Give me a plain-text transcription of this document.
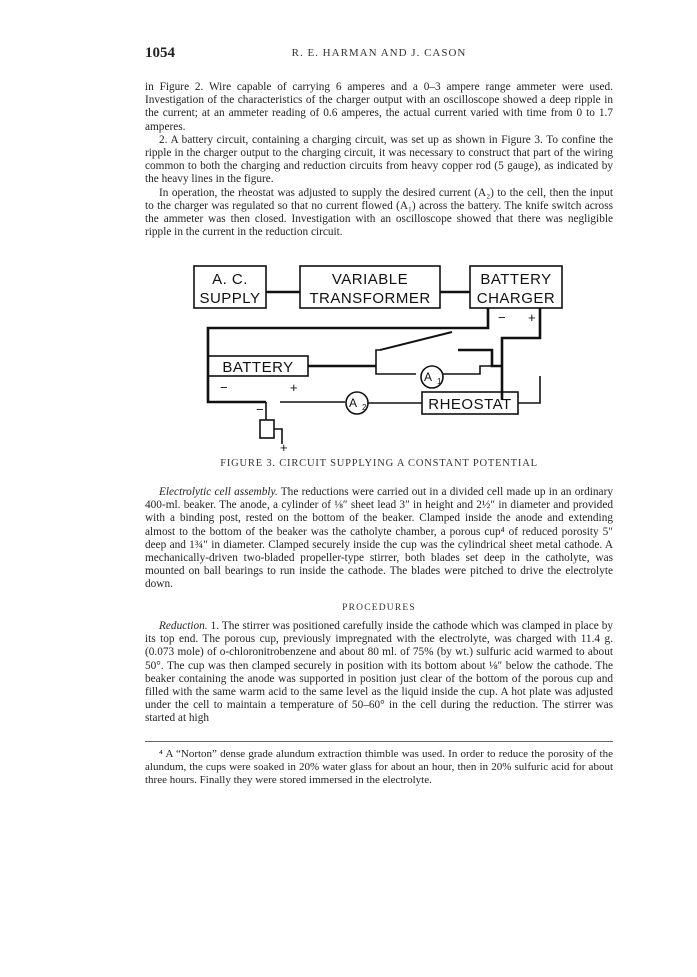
1054	R. E. HARMAN AND J. CASON

in Figure 2. Wire capable of carrying 6 amperes and a 0–3 ampere range ammeter were used. Investigation of the characteristics of the charger output with an oscilloscope showed a deep ripple in the current; at an ammeter reading of 0.6 amperes, the actual current varied with time from 0 to 1.7 amperes.

2. A battery circuit, containing a charging circuit, was set up as shown in Figure 3. To confine the ripple in the charger output to the charging circuit, it was necessary to construct that part of the wiring common to both the charging and reduction circuits from heavy copper rod (5 gauge), as indicated by the heavy lines in the figure.

In operation, the rheostat was adjusted to supply the desired current (A₂) to the cell, then the input to the charger was regulated so that no current flowed (A₁) across the battery. The knife switch across the ammeter was then closed. Investigation with an oscilloscope showed that there was negligible ripple in the current in the reduction circuit.

A. C.
SUPPLY
VARIABLE
TRANSFORMER
BATTERY
CHARGER
− +
BATTERY
−	+
A 1
A 2	RHEOSTAT
−
+
FIGURE 3. CIRCUIT SUPPLYING A CONSTANT POTENTIAL

Electrolytic cell assembly. The reductions were carried out in a divided cell made up in an ordinary 400-ml. beaker. The anode, a cylinder of ⅛″ sheet lead 3″ in height and 2½″ in diameter and provided with a binding post, rested on the bottom of the beaker. Clamped inside the anode and extending almost to the bottom of the beaker was the catholyte chamber, a porous cup⁴ of reduced porosity 5″ deep and 1¾″ in diameter. Clamped securely inside the cup was the cylindrical sheet metal cathode. A mechanically-driven two-bladed propeller-type stirrer, both blades set deep in the catholyte, was mounted on ball bearings to run inside the cathode. The blades were pitched to drive the electrolyte down.

PROCEDURES

Reduction. 1. The stirrer was positioned carefully inside the cathode which was clamped in place by its top end. The porous cup, previously impregnated with the electrolyte, was charged with 11.4 g. (0.073 mole) of o-chloronitrobenzene and about 80 ml. of 75% (by wt.) sulfuric acid warmed to about 50°. The cup was then clamped securely in position with its bottom about ⅛″ below the cathode. The beaker containing the anode was supported in position just clear of the bottom of the porous cup and filled with the same warm acid to the same level as the liquid inside the cup. A hot plate was adjusted under the cell to maintain a temperature of 50–60° in the cell during the reduction. The stirrer was started at high

⁴ A “Norton” dense grade alundum extraction thimble was used. In order to reduce the porosity of the alundum, the cups were soaked in 20% water glass for about an hour, then in 20% sulfuric acid for about three hours. Finally they were stored immersed in the electrolyte.
